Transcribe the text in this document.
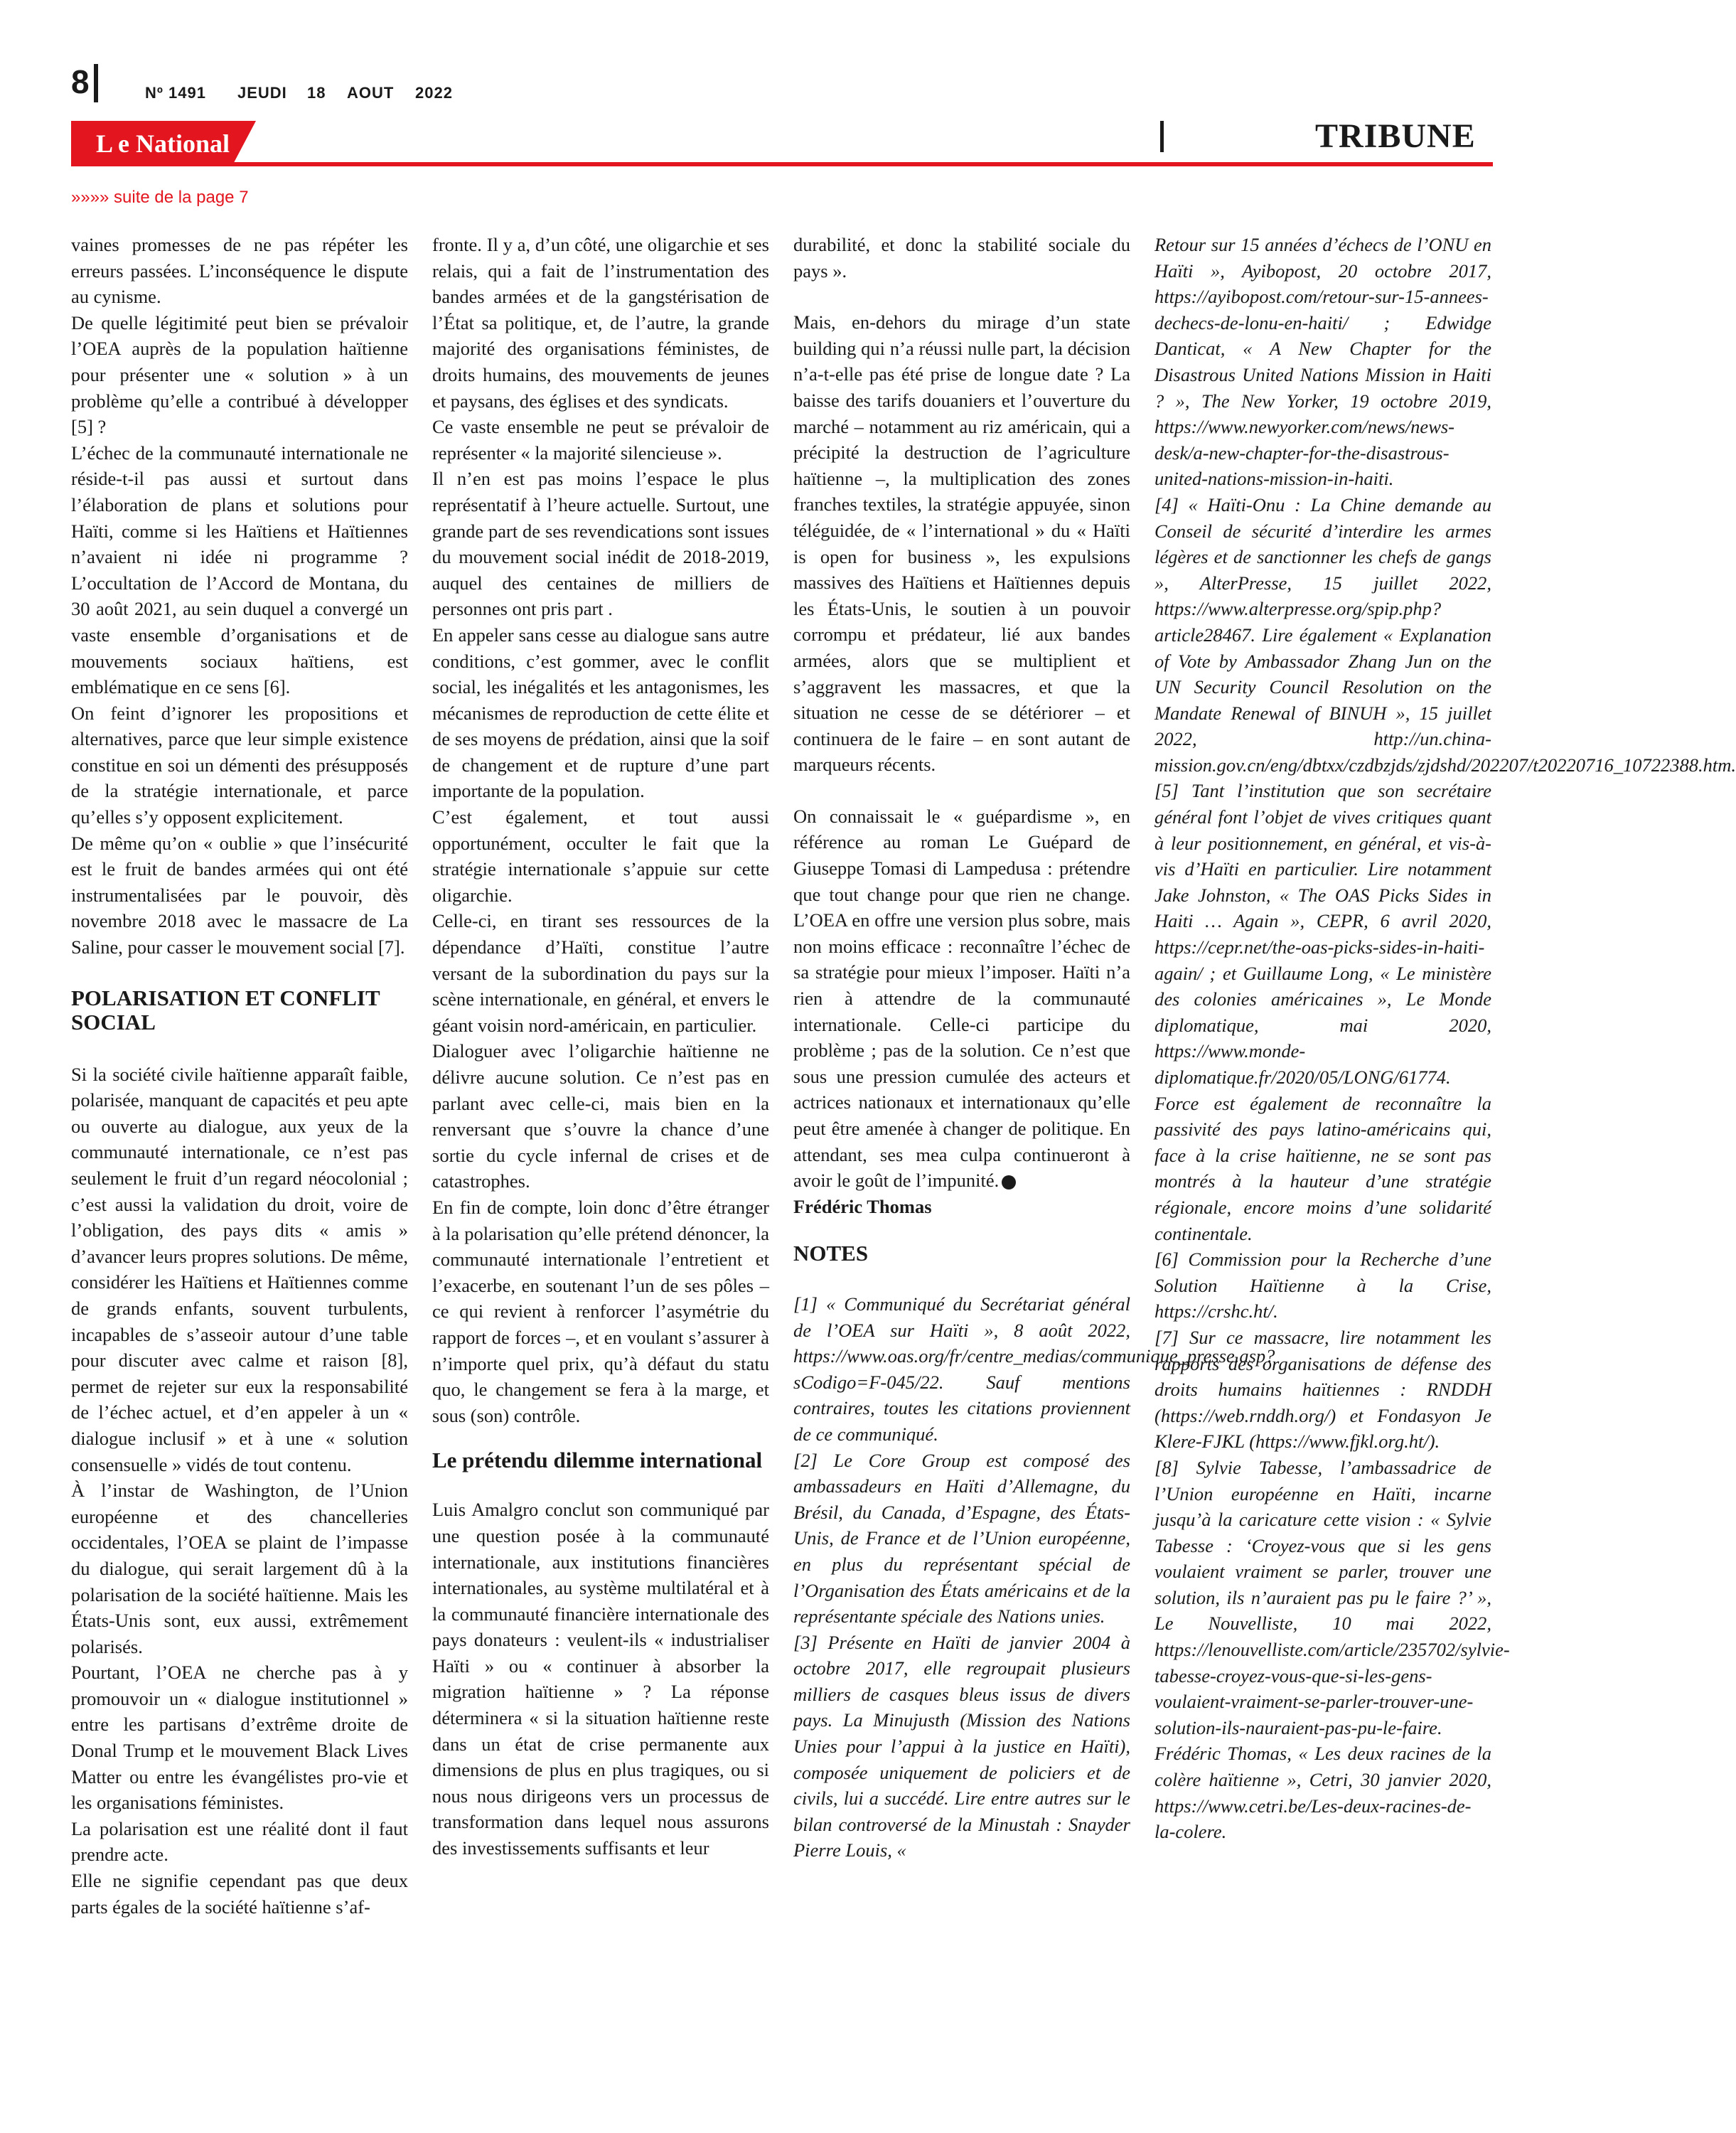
8	Nº 1491 JEUDI 18 AOUT 2022
L e National	TRIBUNE
»»»» suite de la page 7

vaines promesses de ne pas répéter les erreurs passées. L’inconséquence le dispute au cynisme.

De quelle légitimité peut bien se prévaloir l’OEA auprès de la population haïtienne pour présenter une « solution » à un problème qu’elle a contribué à développer [5] ?

L’échec de la communauté internationale ne réside-t-il pas aussi et surtout dans l’élaboration de plans et solutions pour Haïti, comme si les Haïtiens et Haïtiennes n’avaient ni idée ni programme ? L’occultation de l’Accord de Montana, du 30 août 2021, au sein duquel a convergé un vaste ensemble d’organisations et de mouvements sociaux haïtiens, est emblématique en ce sens [6].

On feint d’ignorer les propositions et alternatives, parce que leur simple existence constitue en soi un démenti des présupposés de la stratégie internationale, et parce qu’elles s’y opposent explicitement.

De même qu’on « oublie » que l’insécurité est le fruit de bandes armées qui ont été instrumentalisées par le pouvoir, dès novembre 2018 avec le massacre de La Saline, pour casser le mouvement social [7].

POLARISATION ET CONFLIT SOCIAL

Si la société civile haïtienne apparaît faible, polarisée, manquant de capacités et peu apte ou ouverte au dialogue, aux yeux de la communauté internationale, ce n’est pas seulement le fruit d’un regard néocolonial ; c’est aussi la validation du droit, voire de l’obligation, des pays dits « amis » d’avancer leurs propres solutions. De même, considérer les Haïtiens et Haïtiennes comme de grands enfants, souvent turbulents, incapables de s’asseoir autour d’une table pour discuter avec calme et raison [8], permet de rejeter sur eux la responsabilité de l’échec actuel, et d’en appeler à un « dialogue inclusif » et à une « solution consensuelle » vidés de tout contenu.

À l’instar de Washington, de l’Union européenne et des chancelleries occidentales, l’OEA se plaint de l’impasse du dialogue, qui serait largement dû à la polarisation de la société haïtienne. Mais les États-Unis sont, eux aussi, extrêmement polarisés.

Pourtant, l’OEA ne cherche pas à y promouvoir un « dialogue institutionnel » entre les partisans d’extrême droite de Donal Trump et le mouvement Black Lives Matter ou entre les évangélistes pro-vie et les organisations féministes.

La polarisation est une réalité dont il faut prendre acte.

Elle ne signifie cependant pas que deux parts égales de la société haïtienne s’af-

fronte. Il y a, d’un côté, une oligarchie et ses relais, qui a fait de l’instrumentation des bandes armées et de la gangstérisation de l’État sa politique, et, de l’autre, la grande majorité des organisations féministes, de droits humains, des mouvements de jeunes et paysans, des églises et des syndicats.

Ce vaste ensemble ne peut se prévaloir de représenter « la majorité silencieuse ».

Il n’en est pas moins l’espace le plus représentatif à l’heure actuelle. Surtout, une grande part de ses revendications sont issues du mouvement social inédit de 2018-2019, auquel des centaines de milliers de personnes ont pris part .

En appeler sans cesse au dialogue sans autre conditions, c’est gommer, avec le conflit social, les inégalités et les antagonismes, les mécanismes de reproduction de cette élite et de ses moyens de prédation, ainsi que la soif de changement et de rupture d’une part importante de la population.

C’est également, et tout aussi opportunément, occulter le fait que la stratégie internationale s’appuie sur cette oligarchie.

Celle-ci, en tirant ses ressources de la dépendance d’Haïti, constitue l’autre versant de la subordination du pays sur la scène internationale, en général, et envers le géant voisin nord-américain, en particulier.

Dialoguer avec l’oligarchie haïtienne ne délivre aucune solution. Ce n’est pas en parlant avec celle-ci, mais bien en la renversant que s’ouvre la chance d’une sortie du cycle infernal de crises et de catastrophes.

En fin de compte, loin donc d’être étranger à la polarisation qu’elle prétend dénoncer, la communauté internationale l’entretient et l’exacerbe, en soutenant l’un de ses pôles – ce qui revient à renforcer l’asymétrie du rapport de forces –, et en voulant s’assurer à n’importe quel prix, qu’à défaut du statu quo, le changement se fera à la marge, et sous (son) contrôle.

Le prétendu dilemme international

Luis Amalgro conclut son communiqué par une question posée à la communauté internationale, aux institutions financières internationales, au système multilatéral et à la communauté financière internationale des pays donateurs : veulent-ils « industrialiser Haïti » ou « continuer à absorber la migration haïtienne » ? La réponse déterminera « si la situation haïtienne reste dans un état de crise permanente aux dimensions de plus en plus tragiques, ou si nous nous dirigeons vers un processus de transformation dans lequel nous assurons des investissements suffisants et leur

durabilité, et donc la stabilité sociale du pays ».

Mais, en-dehors du mirage d’un state building qui n’a réussi nulle part, la décision n’a-t-elle pas été prise de longue date ? La baisse des tarifs douaniers et l’ouverture du marché – notamment au riz américain, qui a précipité la destruction de l’agriculture haïtienne –, la multiplication des zones franches textiles, la stratégie appuyée, sinon téléguidée, de « l’international » du « Haïti is open for business », les expulsions massives des Haïtiens et Haïtiennes depuis les États-Unis, le soutien à un pouvoir corrompu et prédateur, lié aux bandes armées, alors que se multiplient et s’aggravent les massacres, et que la situation ne cesse de se détériorer – et continuera de le faire – en sont autant de marqueurs récents.

On connaissait le « guépardisme », en référence au roman Le Guépard de Giuseppe Tomasi di Lampedusa : prétendre que tout change pour que rien ne change. L’OEA en offre une version plus sobre, mais non moins efficace : reconnaître l’échec de sa stratégie pour mieux l’imposer. Haïti n’a rien à attendre de la communauté internationale. Celle-ci participe du problème ; pas de la solution. Ce n’est que sous une pression cumulée des acteurs et actrices nationaux et internationaux qu’elle peut être amenée à changer de politique. En attendant, ses mea culpa continueront à avoir le goût de l’impunité.

Frédéric Thomas

NOTES

[1] « Communiqué du Secrétariat général de l’OEA sur Haïti », 8 août 2022, https://www.oas.org/fr/centre_medias/communique_presse.asp?sCodigo=F-045/22. Sauf mentions contraires, toutes les citations proviennent de ce communiqué.

[2] Le Core Group est composé des ambassadeurs en Haïti d’Allemagne, du Brésil, du Canada, d’Espagne, des États-Unis, de France et de l’Union européenne, en plus du représentant spécial de l’Organisation des États américains et de la représentante spéciale des Nations unies.

[3] Présente en Haïti de janvier 2004 à octobre 2017, elle regroupait plusieurs milliers de casques bleus issus de divers pays. La Minujusth (Mission des Nations Unies pour l’appui à la justice en Haïti), composée uniquement de policiers et de civils, lui a succédé. Lire entre autres sur le bilan controversé de la Minustah : Snayder Pierre Louis, «

Retour sur 15 années d’échecs de l’ONU en Haïti », Ayibopost, 20 octobre 2017, https://ayibopost.com/retour-sur-15-annees-dechecs-de-lonu-en-haiti/ ; Edwidge Danticat, « A New Chapter for the Disastrous United Nations Mission in Haiti ? », The New Yorker, 19 octobre 2019, https://www.newyorker.com/news/news-desk/a-new-chapter-for-the-disastrous-united-nations-mission-in-haiti.

[4] « Haïti-Onu : La Chine demande au Conseil de sécurité d’interdire les armes légères et de sanctionner les chefs de gangs », AlterPresse, 15 juillet 2022, https://www.alterpresse.org/spip.php?article28467. Lire également « Explanation of Vote by Ambassador Zhang Jun on the UN Security Council Resolution on the Mandate Renewal of BINUH », 15 juillet 2022, http://un.china-mission.gov.cn/eng/dbtxx/czdbzjds/zjdshd/202207/t20220716_10722388.htm.

[5] Tant l’institution que son secrétaire général font l’objet de vives critiques quant à leur positionnement, en général, et vis-à-vis d’Haïti en particulier. Lire notamment Jake Johnston, « The OAS Picks Sides in Haiti … Again », CEPR, 6 avril 2020, https://cepr.net/the-oas-picks-sides-in-haiti-again/ ; et Guillaume Long, « Le ministère des colonies américaines », Le Monde diplomatique, mai 2020, https://www.monde-diplomatique.fr/2020/05/LONG/61774. Force est également de reconnaître la passivité des pays latino-américains qui, face à la crise haïtienne, ne se sont pas montrés à la hauteur d’une stratégie régionale, encore moins d’une solidarité continentale.

[6] Commission pour la Recherche d’une Solution Haïtienne à la Crise, https://crshc.ht/.

[7] Sur ce massacre, lire notamment les rapports des organisations de défense des droits humains haïtiennes : RNDDH (https://web.rnddh.org/) et Fondasyon Je Klere-FJKL (https://www.fjkl.org.ht/).

[8] Sylvie Tabesse, l’ambassadrice de l’Union européenne en Haïti, incarne jusqu’à la caricature cette vision : « Sylvie Tabesse : ‘Croyez-vous que si les gens voulaient vraiment se parler, trouver une solution, ils n’auraient pas pu le faire ?’ », Le Nouvelliste, 10 mai 2022, https://lenouvelliste.com/article/235702/sylvie-tabesse-croyez-vous-que-si-les-gens-voulaient-vraiment-se-parler-trouver-une-solution-ils-nauraient-pas-pu-le-faire.

Frédéric Thomas, « Les deux racines de la colère haïtienne », Cetri, 30 janvier 2020, https://www.cetri.be/Les-deux-racines-de-la-colere.
